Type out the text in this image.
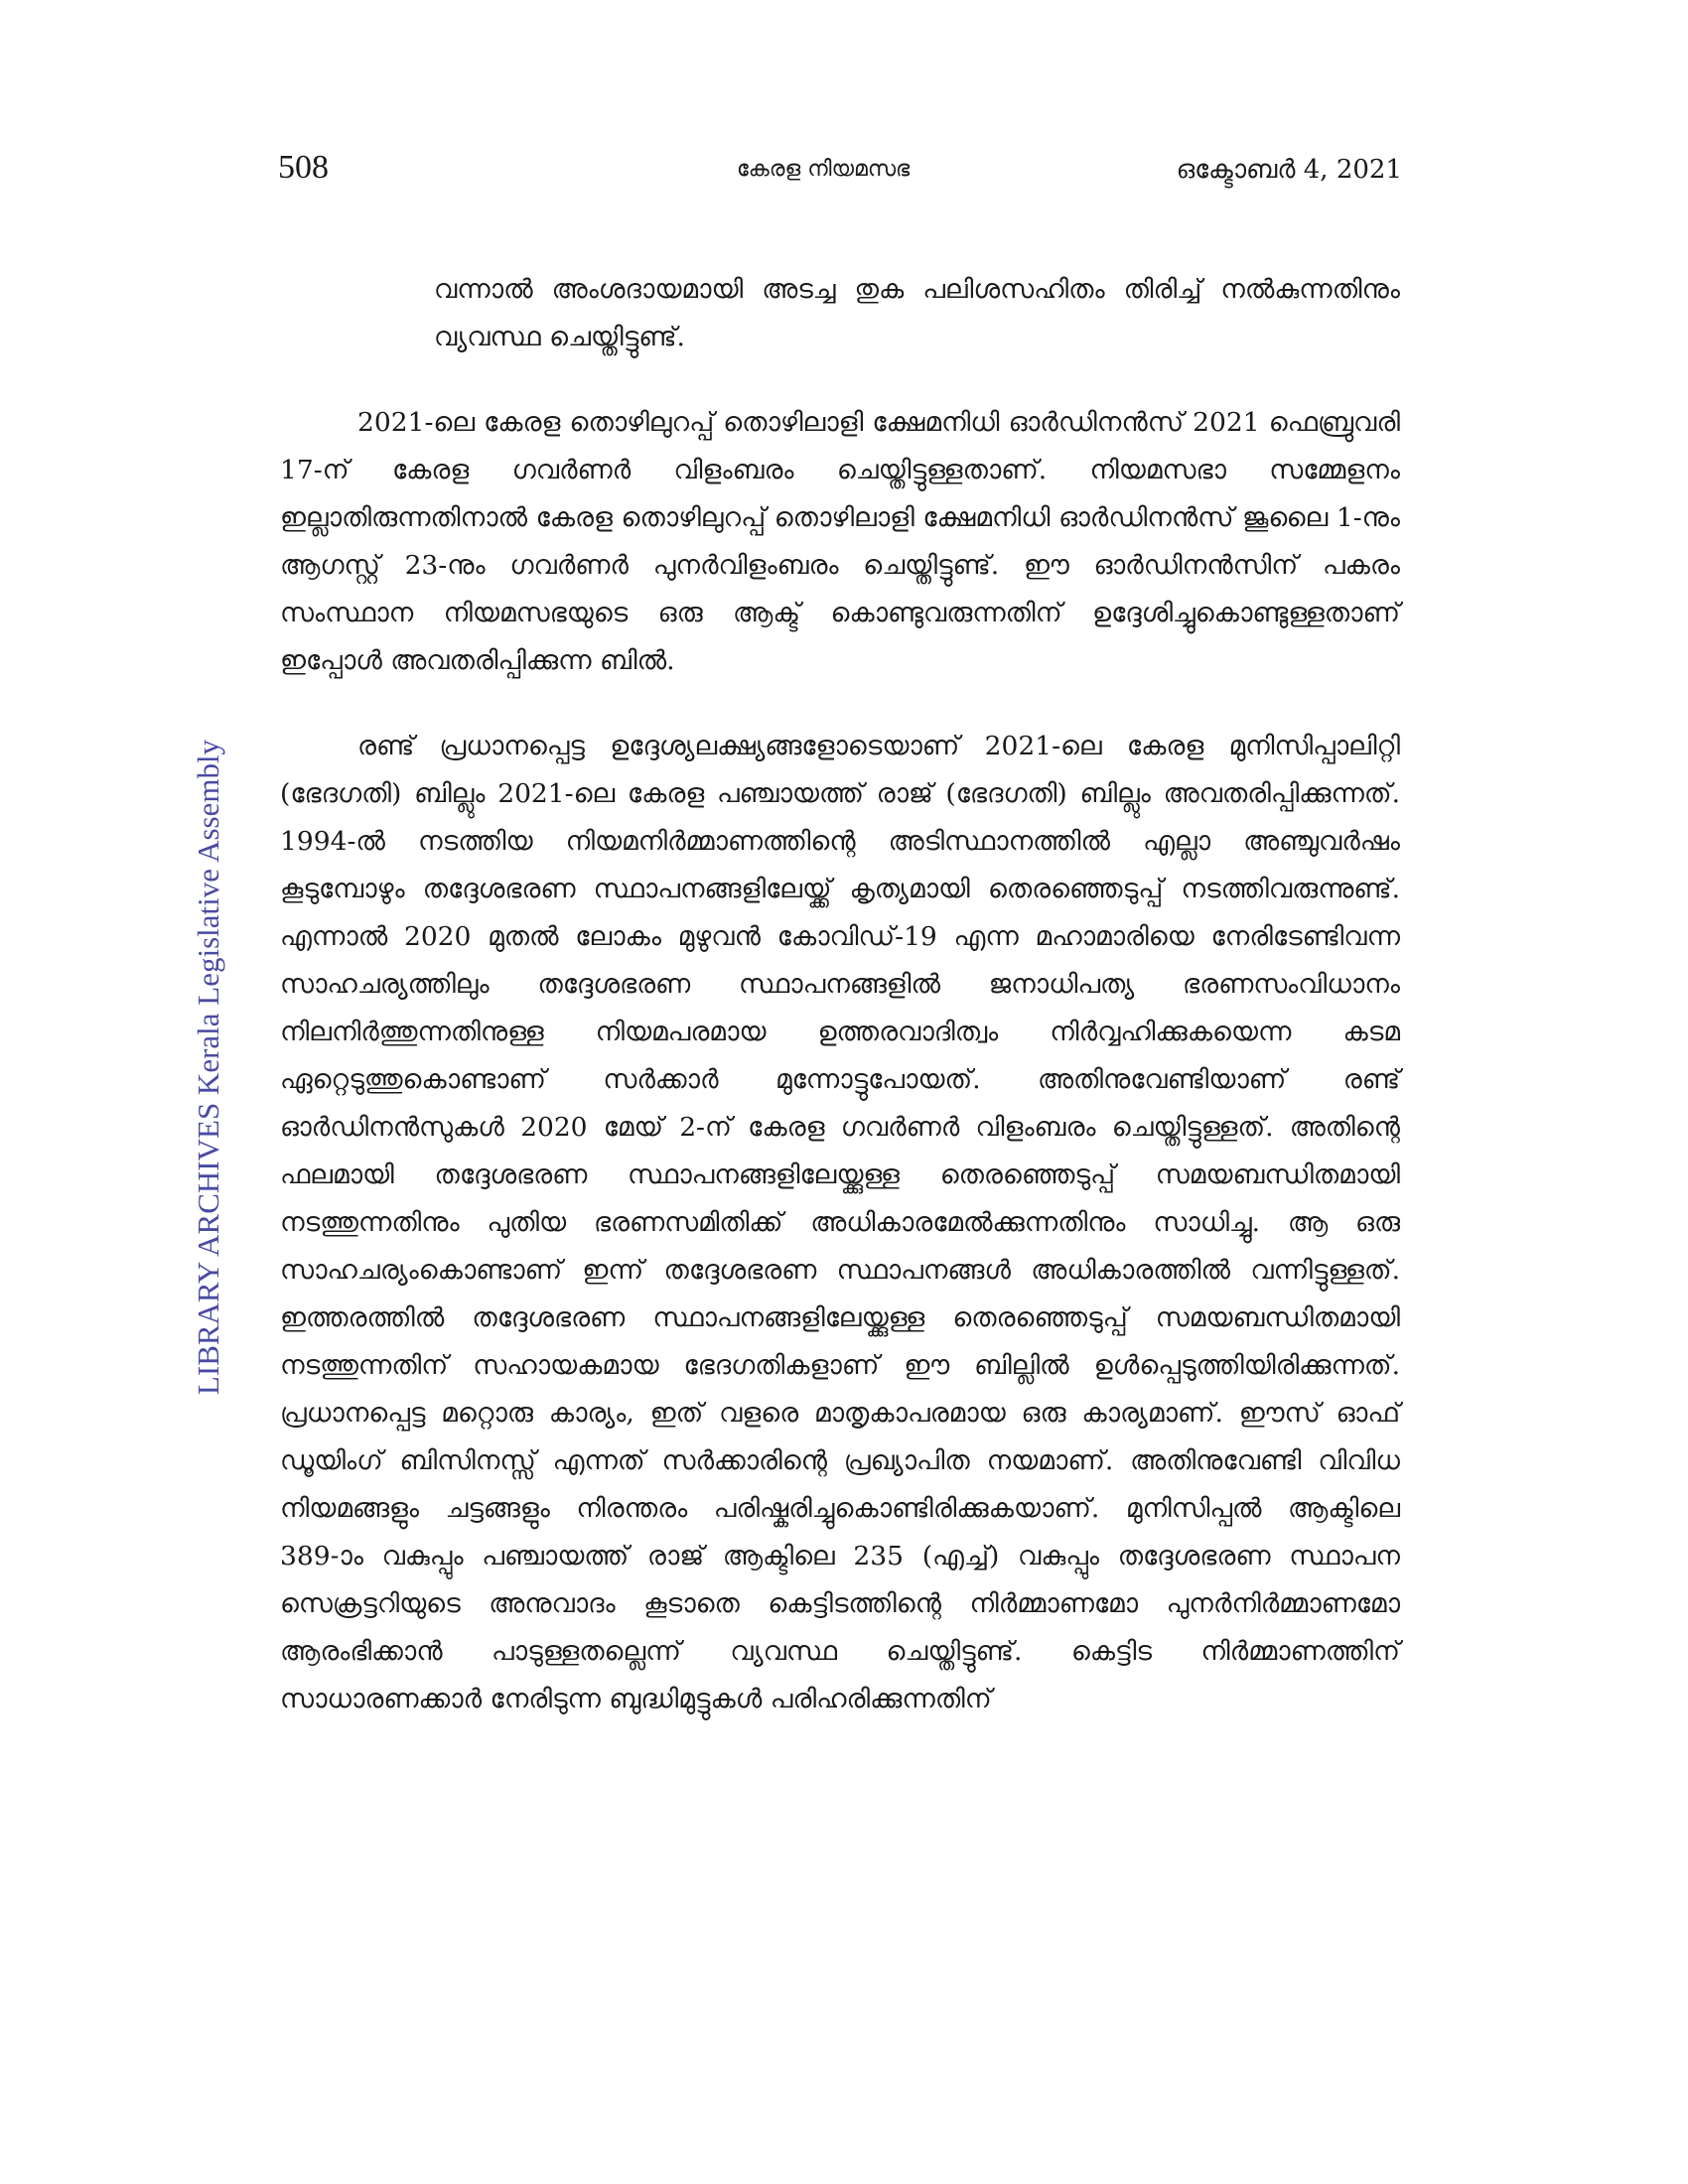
508	കേരള നിയമസഭ	ഒക്ടോബർ 4, 2021
LIBRARY ARCHIVES Kerala Legislative Assembly

വന്നാൽ അംശദായമായി അടച്ച തുക പലിശസഹിതം തിരിച്ച് നൽകുന്നതിനും വ്യവസ്ഥ ചെയ്തിട്ടുണ്ട്.

2021-ലെ കേരള തൊഴിലുറപ്പ് തൊഴിലാളി ക്ഷേമനിധി ഓർഡിനൻസ് 2021 ഫെബ്രുവരി 17-ന് കേരള ഗവർണർ വിളംബരം ചെയ്തിട്ടുള്ളതാണ്. നിയമസഭാ സമ്മേളനം ഇല്ലാതിരുന്നതിനാൽ കേരള തൊഴിലുറപ്പ് തൊഴിലാളി ക്ഷേമനിധി ഓർഡിനൻസ് ജൂലൈ 1-നും ആഗസ്റ്റ് 23-നും ഗവർണർ പുനർവിളംബരം ചെയ്തിട്ടുണ്ട്. ഈ ഓർഡിനൻസിന് പകരം സംസ്ഥാന നിയമസഭയുടെ ഒരു ആക്ട് കൊണ്ടുവരുന്നതിന് ഉദ്ദേശിച്ചുകൊണ്ടുള്ളതാണ് ഇപ്പോൾ അവതരിപ്പിക്കുന്ന ബിൽ.

രണ്ട് പ്രധാനപ്പെട്ട ഉദ്ദേശ്യലക്ഷ്യങ്ങളോടെയാണ് 2021-ലെ കേരള മുനിസിപ്പാലിറ്റി (ഭേദഗതി) ബില്ലും 2021-ലെ കേരള പഞ്ചായത്ത് രാജ് (ഭേദഗതി) ബില്ലും അവതരിപ്പിക്കുന്നത്. 1994-ൽ നടത്തിയ നിയമനിർമ്മാണത്തിന്റെ അടിസ്ഥാനത്തിൽ എല്ലാ അഞ്ചുവർഷം കൂടുമ്പോഴും തദ്ദേശഭരണ സ്ഥാപനങ്ങളിലേയ്ക്ക് കൃത്യമായി തെരഞ്ഞെടുപ്പ് നടത്തിവരുന്നുണ്ട്. എന്നാൽ 2020 മുതൽ ലോകം മുഴുവൻ കോവിഡ്-19 എന്ന മഹാമാരിയെ നേരിടേണ്ടിവന്ന സാഹചര്യത്തിലും തദ്ദേശഭരണ സ്ഥാപനങ്ങളിൽ ജനാധിപത്യ ഭരണസംവിധാനം നിലനിർത്തുന്നതിനുള്ള നിയമപരമായ ഉത്തരവാദിത്വം നിർവ്വഹിക്കുകയെന്ന കടമ ഏറ്റെടുത്തുകൊണ്ടാണ് സർക്കാർ മുന്നോട്ടുപോയത്. അതിനുവേണ്ടിയാണ് രണ്ട് ഓർഡിനൻസുകൾ 2020 മേയ് 2-ന് കേരള ഗവർണർ വിളംബരം ചെയ്തിട്ടുള്ളത്. അതിന്റെ ഫലമായി തദ്ദേശഭരണ സ്ഥാപനങ്ങളിലേയ്ക്കുള്ള തെരഞ്ഞെടുപ്പ് സമയബന്ധിതമായി നടത്തുന്നതിനും പുതിയ ഭരണസമിതിക്ക് അധികാരമേൽക്കുന്നതിനും സാധിച്ചു. ആ ഒരു സാഹചര്യംകൊണ്ടാണ് ഇന്ന് തദ്ദേശഭരണ സ്ഥാപനങ്ങൾ അധികാരത്തിൽ വന്നിട്ടുള്ളത്. ഇത്തരത്തിൽ തദ്ദേശഭരണ സ്ഥാപനങ്ങളിലേയ്ക്കുള്ള തെരഞ്ഞെടുപ്പ് സമയബന്ധിതമായി നടത്തുന്നതിന് സഹായകമായ ഭേദഗതികളാണ് ഈ ബില്ലിൽ ഉൾപ്പെടുത്തിയിരിക്കുന്നത്. പ്രധാനപ്പെട്ട മറ്റൊരു കാര്യം, ഇത് വളരെ മാതൃകാപരമായ ഒരു കാര്യമാണ്. ഈസ് ഓഫ് ഡൂയിംഗ് ബിസിനസ്സ് എന്നത് സർക്കാരിന്റെ പ്രഖ്യാപിത നയമാണ്. അതിനുവേണ്ടി വിവിധ നിയമങ്ങളും ചട്ടങ്ങളും നിരന്തരം പരിഷ്കരിച്ചുകൊണ്ടിരിക്കുകയാണ്. മുനിസിപ്പൽ ആക്ടിലെ 389-ാം വകുപ്പും പഞ്ചായത്ത് രാജ് ആക്ടിലെ 235 (എച്ച്) വകുപ്പും തദ്ദേശഭരണ സ്ഥാപന സെക്രട്ടറിയുടെ അനുവാദം കൂടാതെ കെട്ടിടത്തിന്റെ നിർമ്മാണമോ പുനർനിർമ്മാണമോ ആരംഭിക്കാൻ പാടുള്ളതല്ലെന്ന് വ്യവസ്ഥ ചെയ്തിട്ടുണ്ട്. കെട്ടിട നിർമ്മാണത്തിന് സാധാരണക്കാർ നേരിടുന്ന ബുദ്ധിമുട്ടുകൾ പരിഹരിക്കുന്നതിന്
